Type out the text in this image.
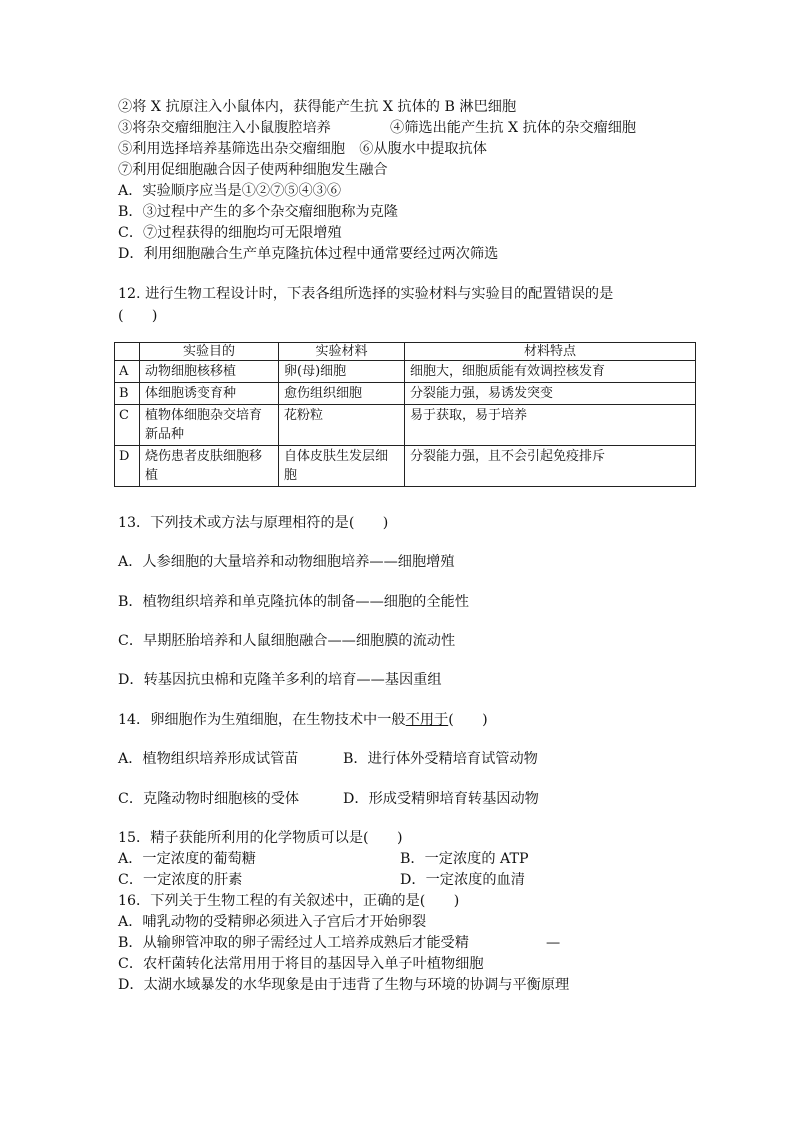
②将 X 抗原注入小鼠体内，获得能产生抗 X 抗体的 B 淋巴细胞

③将杂交瘤细胞注入小鼠腹腔培养	④筛选出能产生抗 X 抗体的杂交瘤细胞

⑤利用选择培养基筛选出杂交瘤细胞　⑥从腹水中提取抗体

⑦利用促细胞融合因子使两种细胞发生融合

A．实验顺序应当是①②⑦⑤④③⑥

B．③过程中产生的多个杂交瘤细胞称为克隆

C．⑦过程获得的细胞均可无限增殖

D．利用细胞融合生产单克隆抗体过程中通常要经过两次筛选

12. 进行生物工程设计时，下表各组所选择的实验材料与实验目的配置错误的是

(　　)

	实验目的	实验材料	材料特点
A	动物细胞核移植	卵(母)细胞	细胞大，细胞质能有效调控核发育
B	体细胞诱变育种	愈伤组织细胞	分裂能力强，易诱发突变
C	植物体细胞杂交培育新品种	花粉粒	易于获取，易于培养
D	烧伤患者皮肤细胞移植	自体皮肤生发层细胞	分裂能力强，且不会引起免疫排斥

13．下列技术或方法与原理相符的是(　　)

A．人参细胞的大量培养和动物细胞培养——细胞增殖

B．植物组织培养和单克隆抗体的制备——细胞的全能性

C．早期胚胎培养和人鼠细胞融合——细胞膜的流动性

D．转基因抗虫棉和克隆羊多利的培育——基因重组

14．卵细胞作为生殖细胞，在生物技术中一般不用于(　　)

A．植物组织培养形成试管苗	B．进行体外受精培育试管动物

C．克隆动物时细胞核的受体	D．形成受精卵培育转基因动物

15．精子获能所利用的化学物质可以是(　　)

A．一定浓度的葡萄糖	B．一定浓度的 ATP

C．一定浓度的肝素	D．一定浓度的血清

16．下列关于生物工程的有关叙述中，正确的是(　　)

A．哺乳动物的受精卵必须进入子宫后才开始卵裂

B．从输卵管冲取的卵子需经过人工培养成熟后才能受精	—

C．农杆菌转化法常用用于将目的基因导入单子叶植物细胞

D．太湖水域暴发的水华现象是由于违背了生物与环境的协调与平衡原理
